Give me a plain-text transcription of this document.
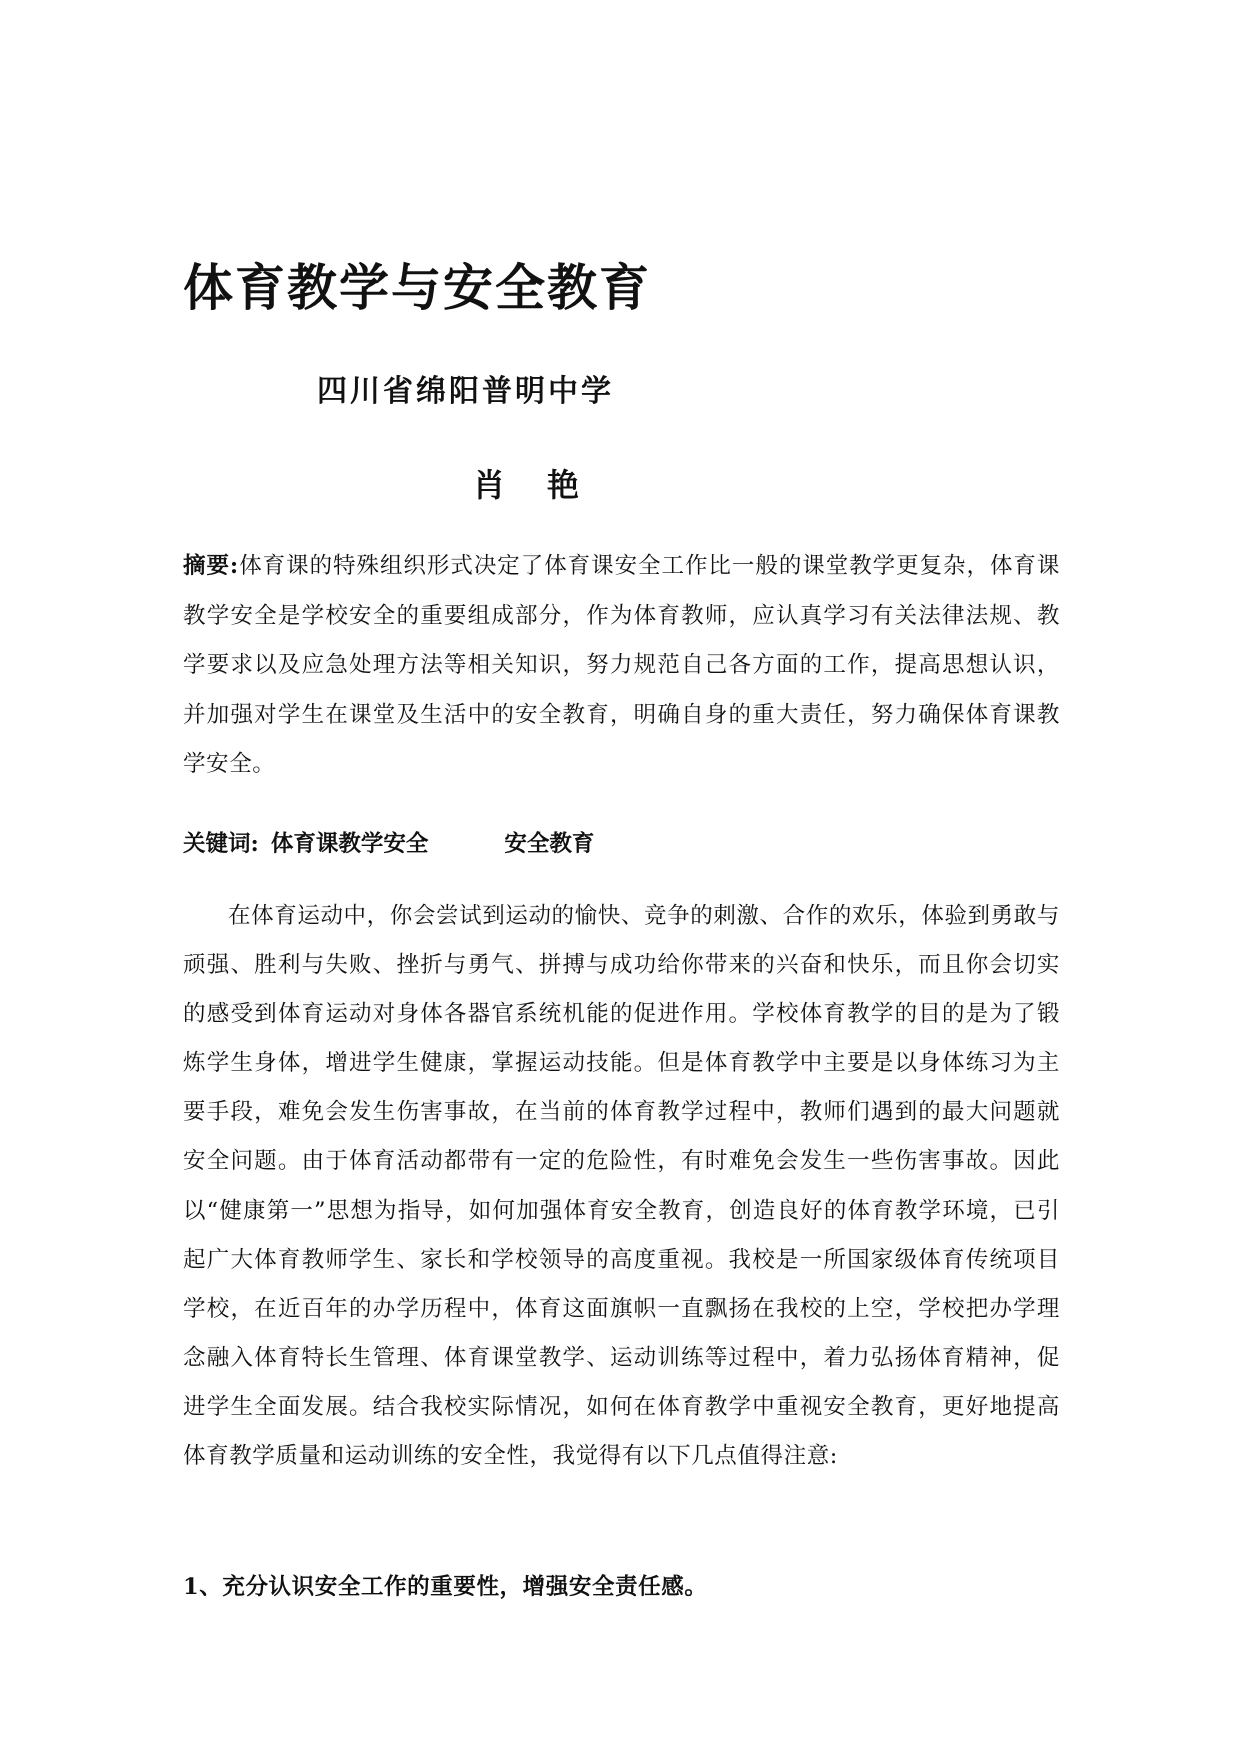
体育教学与安全教育
四川省绵阳普明中学
肖 艳
摘要:体育课的特殊组织形式决定了体育课安全工作比一般的课堂教学更复杂，体育课教学安全是学校安全的重要组成部分，作为体育教师，应认真学习有关法律法规、教学要求以及应急处理方法等相关知识，努力规范自己各方面的工作，提高思想认识，并加强对学生在课堂及生活中的安全教育，明确自身的重大责任，努力确保体育课教学安全。
关键词: 体育课教学安全	安全教育
在体育运动中，你会尝试到运动的愉快、竞争的刺激、合作的欢乐，体验到勇敢与顽强、胜利与失败、挫折与勇气、拼搏与成功给你带来的兴奋和快乐，而且你会切实的感受到体育运动对身体各器官系统机能的促进作用。学校体育教学的目的是为了锻炼学生身体，增进学生健康，掌握运动技能。但是体育教学中主要是以身体练习为主要手段，难免会发生伤害事故，在当前的体育教学过程中，教师们遇到的最大问题就安全问题。由于体育活动都带有一定的危险性，有时难免会发生一些伤害事故。因此以“健康第一”思想为指导，如何加强体育安全教育，创造良好的体育教学环境，已引起广大体育教师学生、家长和学校领导的高度重视。我校是一所国家级体育传统项目学校，在近百年的办学历程中，体育这面旗帜一直飘扬在我校的上空，学校把办学理念融入体育特长生管理、体育课堂教学、运动训练等过程中，着力弘扬体育精神，促进学生全面发展。结合我校实际情况，如何在体育教学中重视安全教育，更好地提高体育教学质量和运动训练的安全性，我觉得有以下几点值得注意:
1、充分认识安全工作的重要性，增强安全责任感。
